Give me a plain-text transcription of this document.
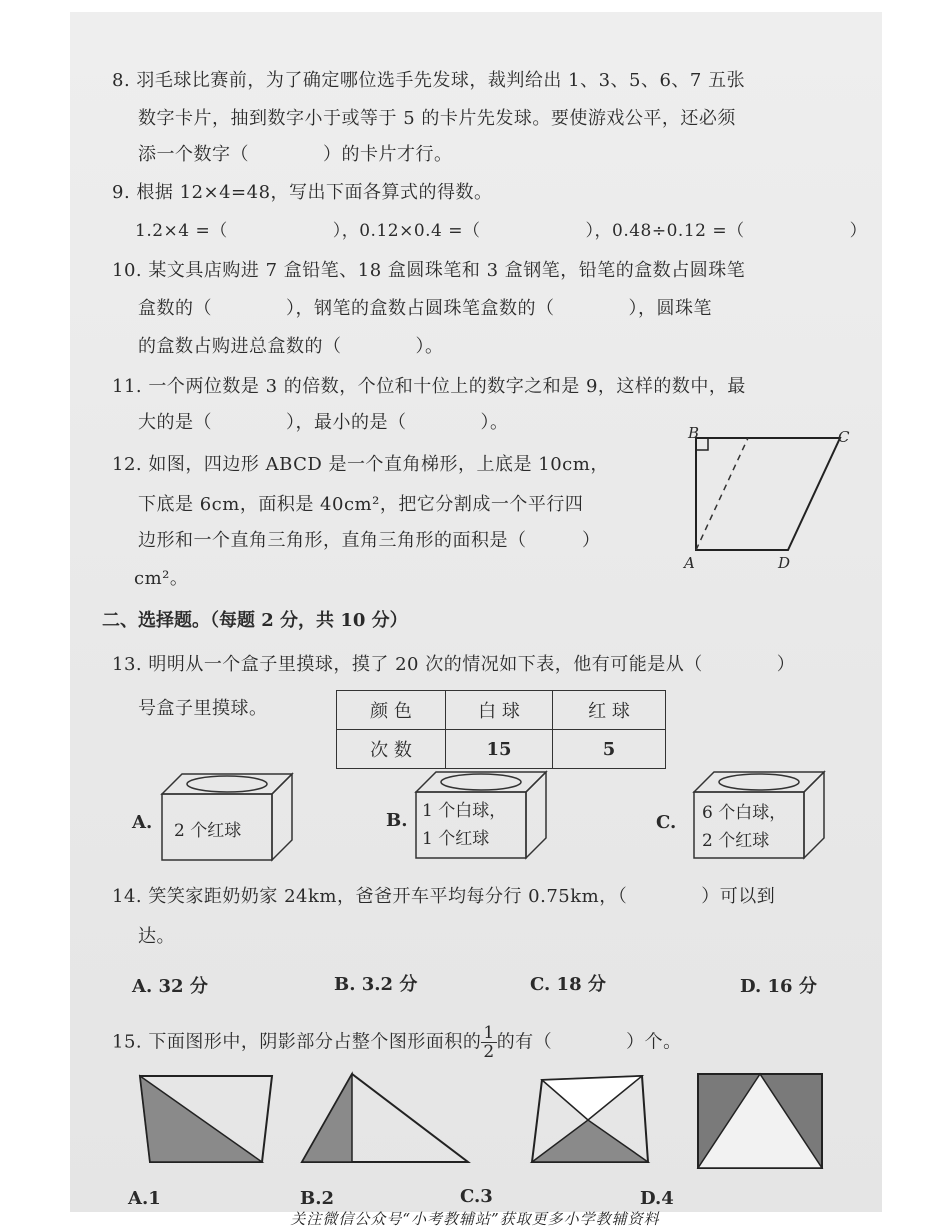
8. 羽毛球比赛前，为了确定哪位选手先发球，裁判给出 1、3、5、6、7 五张
数字卡片，抽到数字小于或等于 5 的卡片先发球。要使游戏公平，还必须
添一个数字（　　　　）的卡片才行。
9. 根据 12×4=48，写出下面各算式的得数。
1.2×4 =（　　　　　　），0.12×0.4 =（　　　　　　），0.48÷0.12 =（　　　　　　）
10. 某文具店购进 7 盒铅笔、18 盒圆珠笔和 3 盒钢笔，铅笔的盒数占圆珠笔
盒数的（　　　　），钢笔的盒数占圆珠笔盒数的（　　　　），圆珠笔
的盒数占购进总盒数的（　　　　）。
11. 一个两位数是 3 的倍数，个位和十位上的数字之和是 9，这样的数中，最
大的是（　　　　），最小的是（　　　　）。
12. 如图，四边形 ABCD 是一个直角梯形，上底是 10cm，
下底是 6cm，面积是 40cm²，把它分割成一个平行四
边形和一个直角三角形，直角三角形的面积是（　　　）
cm²。
B	C
A	D
二、选择题。（每题 2 分，共 10 分）
13. 明明从一个盒子里摸球，摸了 20 次的情况如下表，他有可能是从（　　　　）
号盒子里摸球。	颜 色	白 球	红 球
次 数	15	5
A. 2 个红球	B. 1 个白球，
1 个红球
C. 6 个白球，
2 个红球
14. 笑笑家距奶奶家 24km，爸爸开车平均每分行 0.75km，（　　　　）可以到
达。
A. 32 分	B. 3.2 分	C. 18 分	D. 16 分
15. 下面图形中，阴影部分占整个图形面积的 $\frac{1}{2}$ 的有（　　　　）个。
A.1	B.2	C.3	D.4
关注微信公众号“小考教辅站”获取更多小学教辅资料
